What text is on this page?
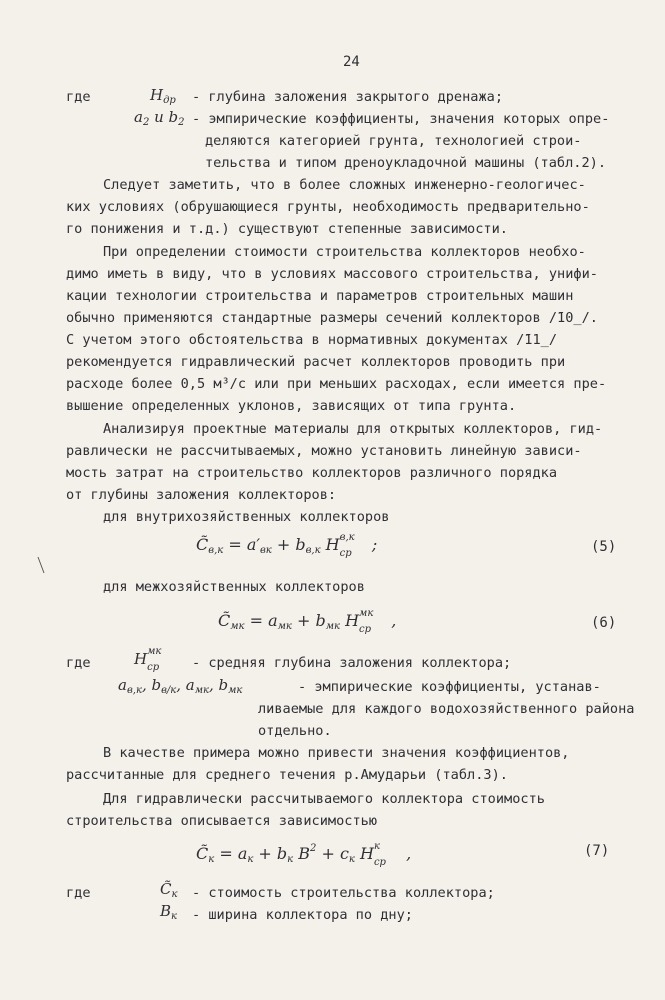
24
где	$H_{др}$ - глубина заложения закрытого дренажа;
$a_2$ и $b_2$ - эмпирические коэффициенты, значения которых опре-
деляются категорией грунта, технологией строи-
тельства и типом дреноукладочной машины (табл.2).
Следует заметить, что в более сложных инженерно-геологичес-
ких условиях (обрушающиеся грунты, необходимость предварительно-
го понижения и т.д.) существуют степенные зависимости.
При определении стоимости строительства коллекторов необхо-
димо иметь в виду, что в условиях массового строительства, унифи-
кации технологии строительства и параметров строительных машин
обычно применяются стандартные размеры сечений коллекторов /̄10_/.
С учетом этого обстоятельства в нормативных документах /̄11_/
рекомендуется гидравлический расчет коллекторов проводить при
расходе более 0,5 м³/с или при меньших расходах, если имеется пре-
вышение определенных уклонов, зависящих от типа грунта.
Анализируя проектные материалы для открытых коллекторов, гид-
равлически не рассчитываемых, можно установить линейную зависи-
мость затрат на строительство коллекторов различного порядка
от глубины заложения коллекторов:
для внутрихозяйственных коллекторов
$C̃_{в,к} = a'_{вк} + b_{в,к}$ H в,к
ср ;	(5)
для межхозяйственных коллекторов
$C̃_{мк} = a_{мк} + b_{мк}$ H мк
ср ,	(6)
где	H мк
ср - средняя глубина заложения коллектора;
$a_{в,к}$, $b_{в/к}$, $a_{мк}$, $b_{мк}$	- эмпирические коэффициенты, устанав-
ливаемые для каждого водохозяйственного района
отдельно.
В качестве примера можно привести значения коэффициентов,
рассчитанные для среднего течения р.Амударьи (табл.3).
Для гидравлически рассчитываемого коллектора стоимость
строительства описывается зависимостью
$C̃_к = a_к + b_к$ $B^2 + c_к$ H к
ср ,	(7)
где	$C̃_к$ - стоимость строительства коллектора;
$B_к$ - ширина коллектора по дну;
